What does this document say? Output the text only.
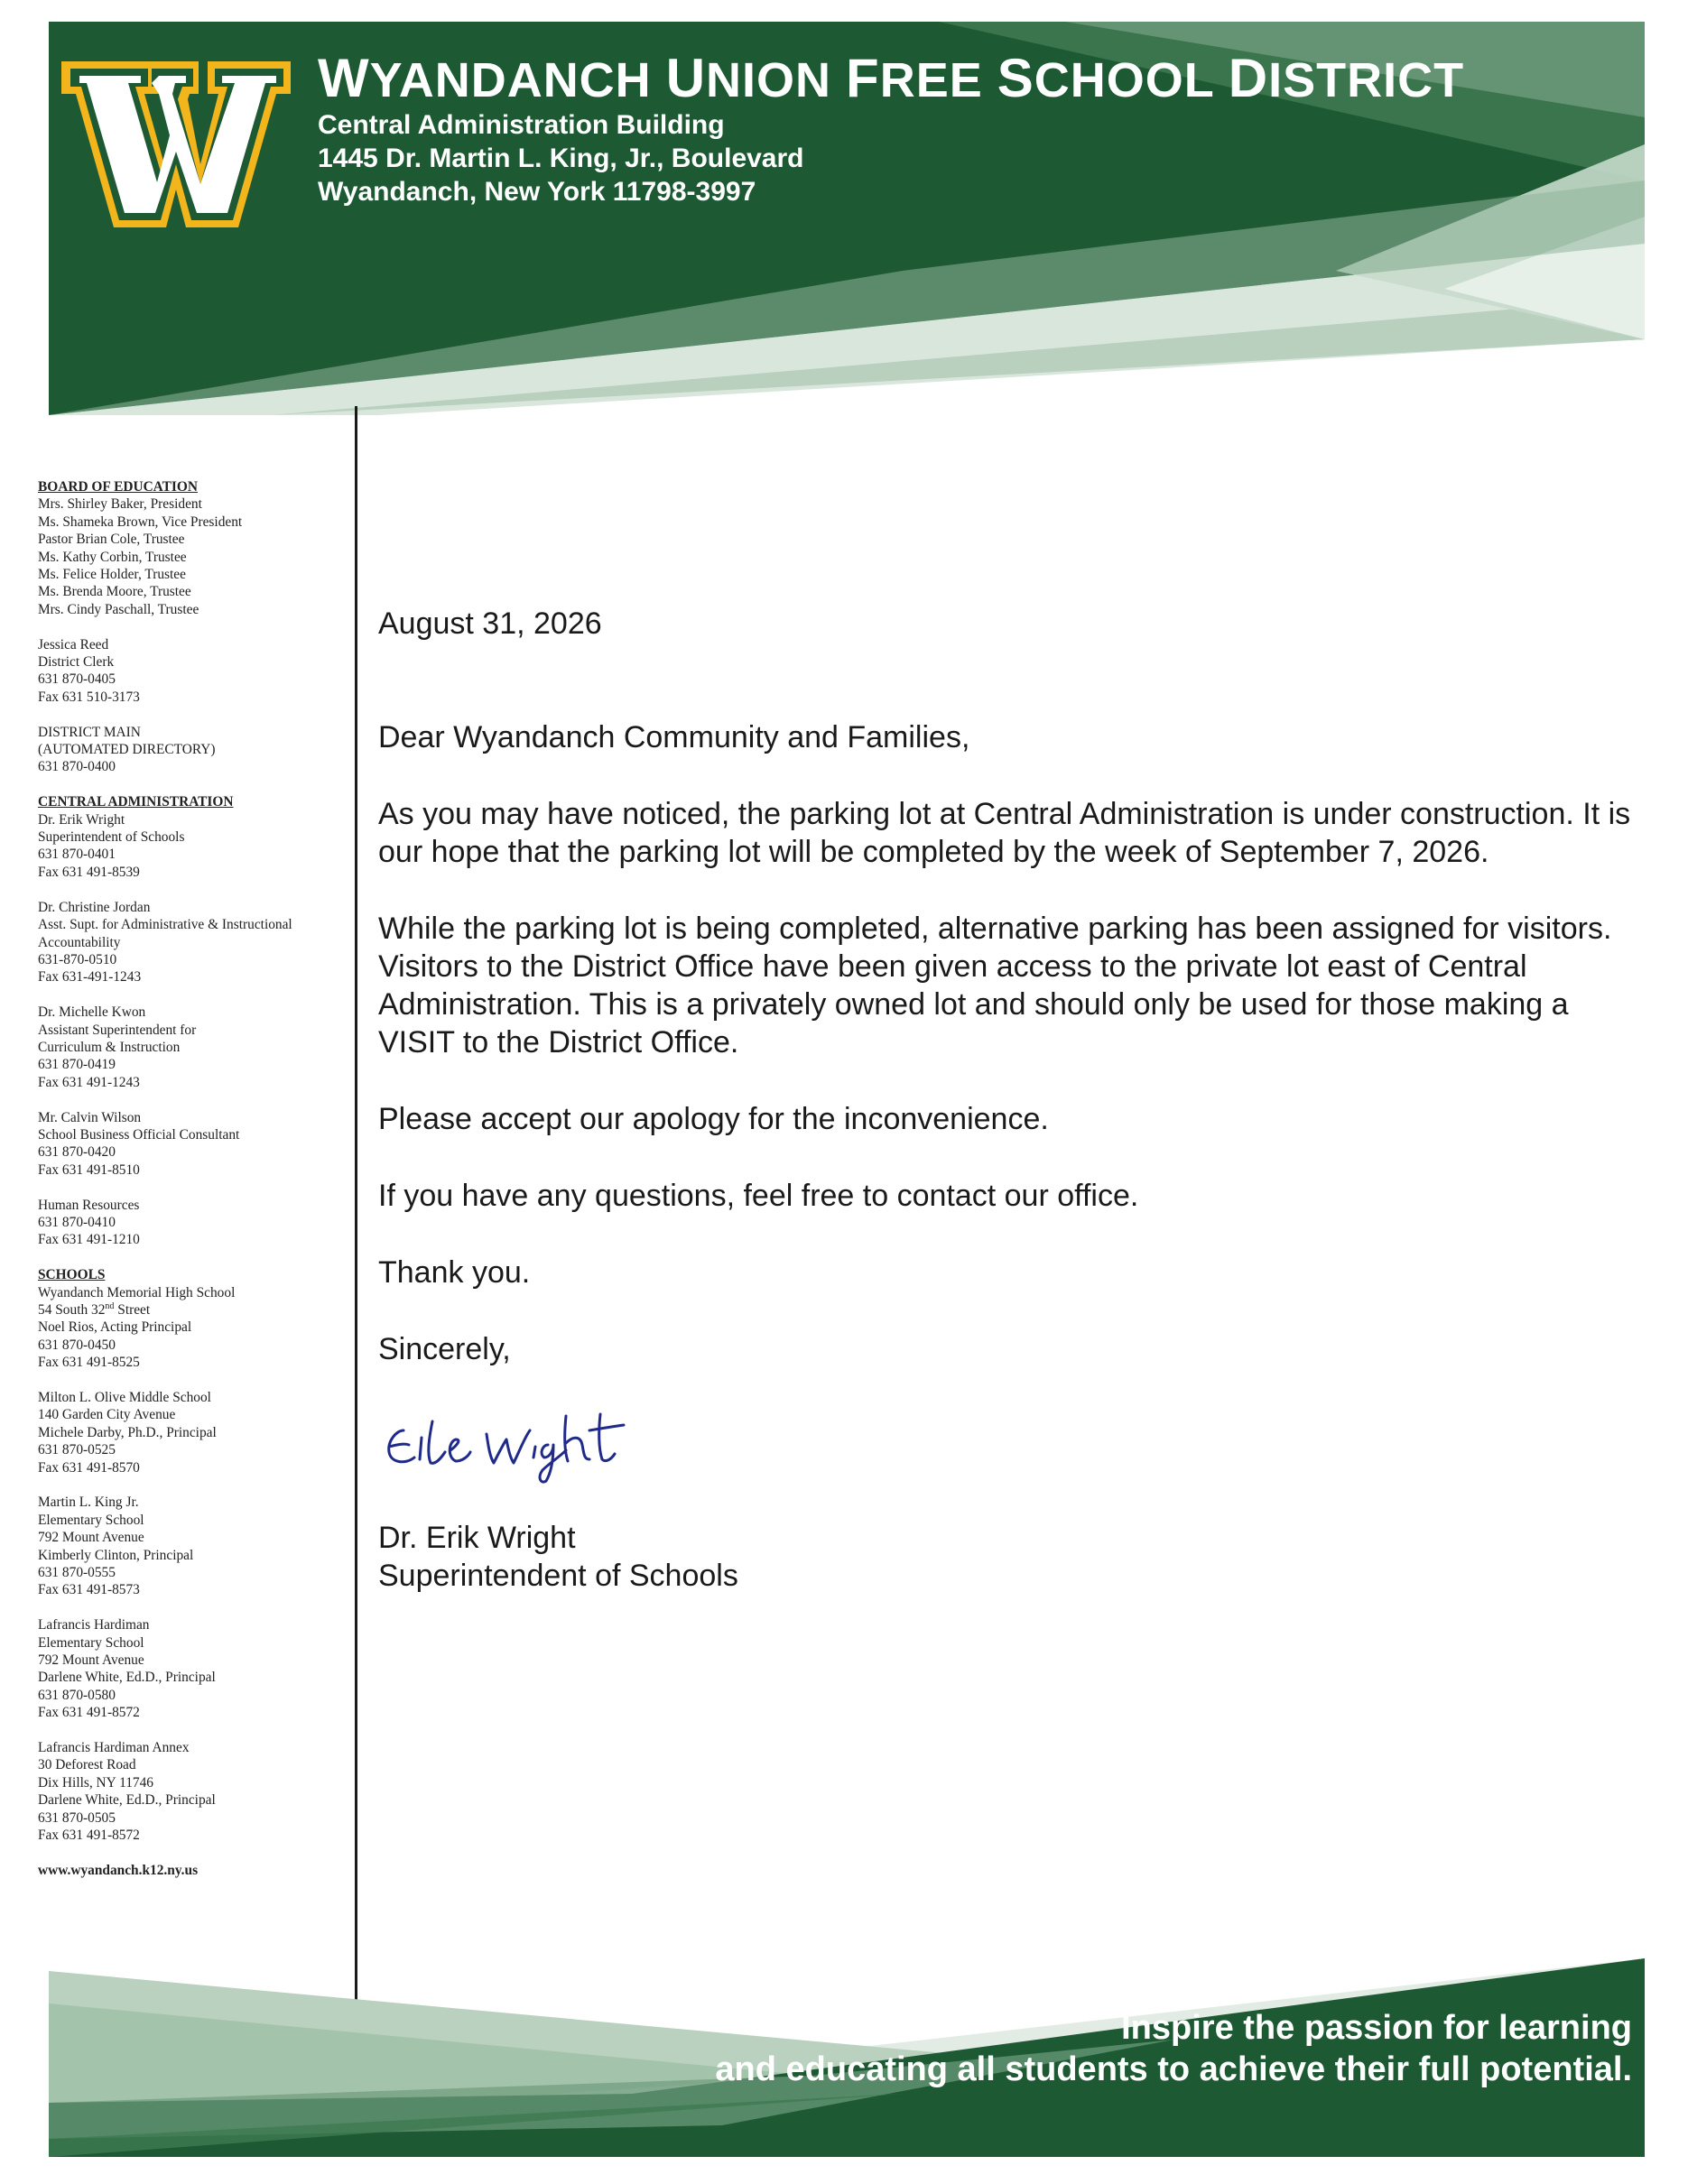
WYANDANCH UNION FREE SCHOOL DISTRICT
Central Administration Building
1445 Dr. Martin L. King, Jr., Boulevard
Wyandanch, New York 11798-3997
BOARD OF EDUCATION
Mrs. Shirley Baker, President
Ms. Shameka Brown, Vice President
Pastor Brian Cole, Trustee
Ms. Kathy Corbin, Trustee
Ms. Felice Holder, Trustee
Ms. Brenda Moore, Trustee
Mrs. Cindy Paschall, Trustee
Jessica Reed
District Clerk
631 870-0405
Fax 631 510-3173
DISTRICT MAIN
(AUTOMATED DIRECTORY)
631 870-0400
CENTRAL ADMINISTRATION
Dr. Erik Wright
Superintendent of Schools
631 870-0401
Fax 631 491-8539
Dr. Christine Jordan
Asst. Supt. for Administrative & Instructional
Accountability
631-870-0510
Fax 631-491-1243
Dr. Michelle Kwon
Assistant Superintendent for
Curriculum & Instruction
631 870-0419
Fax 631 491-1243
Mr. Calvin Wilson
School Business Official Consultant
631 870-0420
Fax 631 491-8510
Human Resources
631 870-0410
Fax 631 491-1210
SCHOOLS
Wyandanch Memorial High School
54 South 32nd Street
Noel Rios, Acting Principal
631 870-0450
Fax 631 491-8525
Milton L. Olive Middle School
140 Garden City Avenue
Michele Darby, Ph.D., Principal
631 870-0525
Fax 631 491-8570
Martin L. King Jr.
Elementary School
792 Mount Avenue
Kimberly Clinton, Principal
631 870-0555
Fax 631 491-8573
Lafrancis Hardiman
Elementary School
792 Mount Avenue
Darlene White, Ed.D., Principal
631 870-0580
Fax 631 491-8572
Lafrancis Hardiman Annex
30 Deforest Road
Dix Hills, NY 11746
Darlene White, Ed.D., Principal
631 870-0505
Fax 631 491-8572
www.wyandanch.k12.ny.us

August 31, 2026

Dear Wyandanch Community and Families,

As you may have noticed, the parking lot at Central Administration is under construction. It is our hope that the parking lot will be completed by the week of September 7, 2026.

While the parking lot is being completed, alternative parking has been assigned for visitors. Visitors to the District Office have been given access to the private lot east of Central Administration. This is a privately owned lot and should only be used for those making a VISIT to the District Office.

Please accept our apology for the inconvenience.

If you have any questions, feel free to contact our office.

Thank you.

Sincerely,

Dr. Erik Wright

Superintendent of Schools

Inspire the passion for learning
and educating all students to achieve their full potential.
